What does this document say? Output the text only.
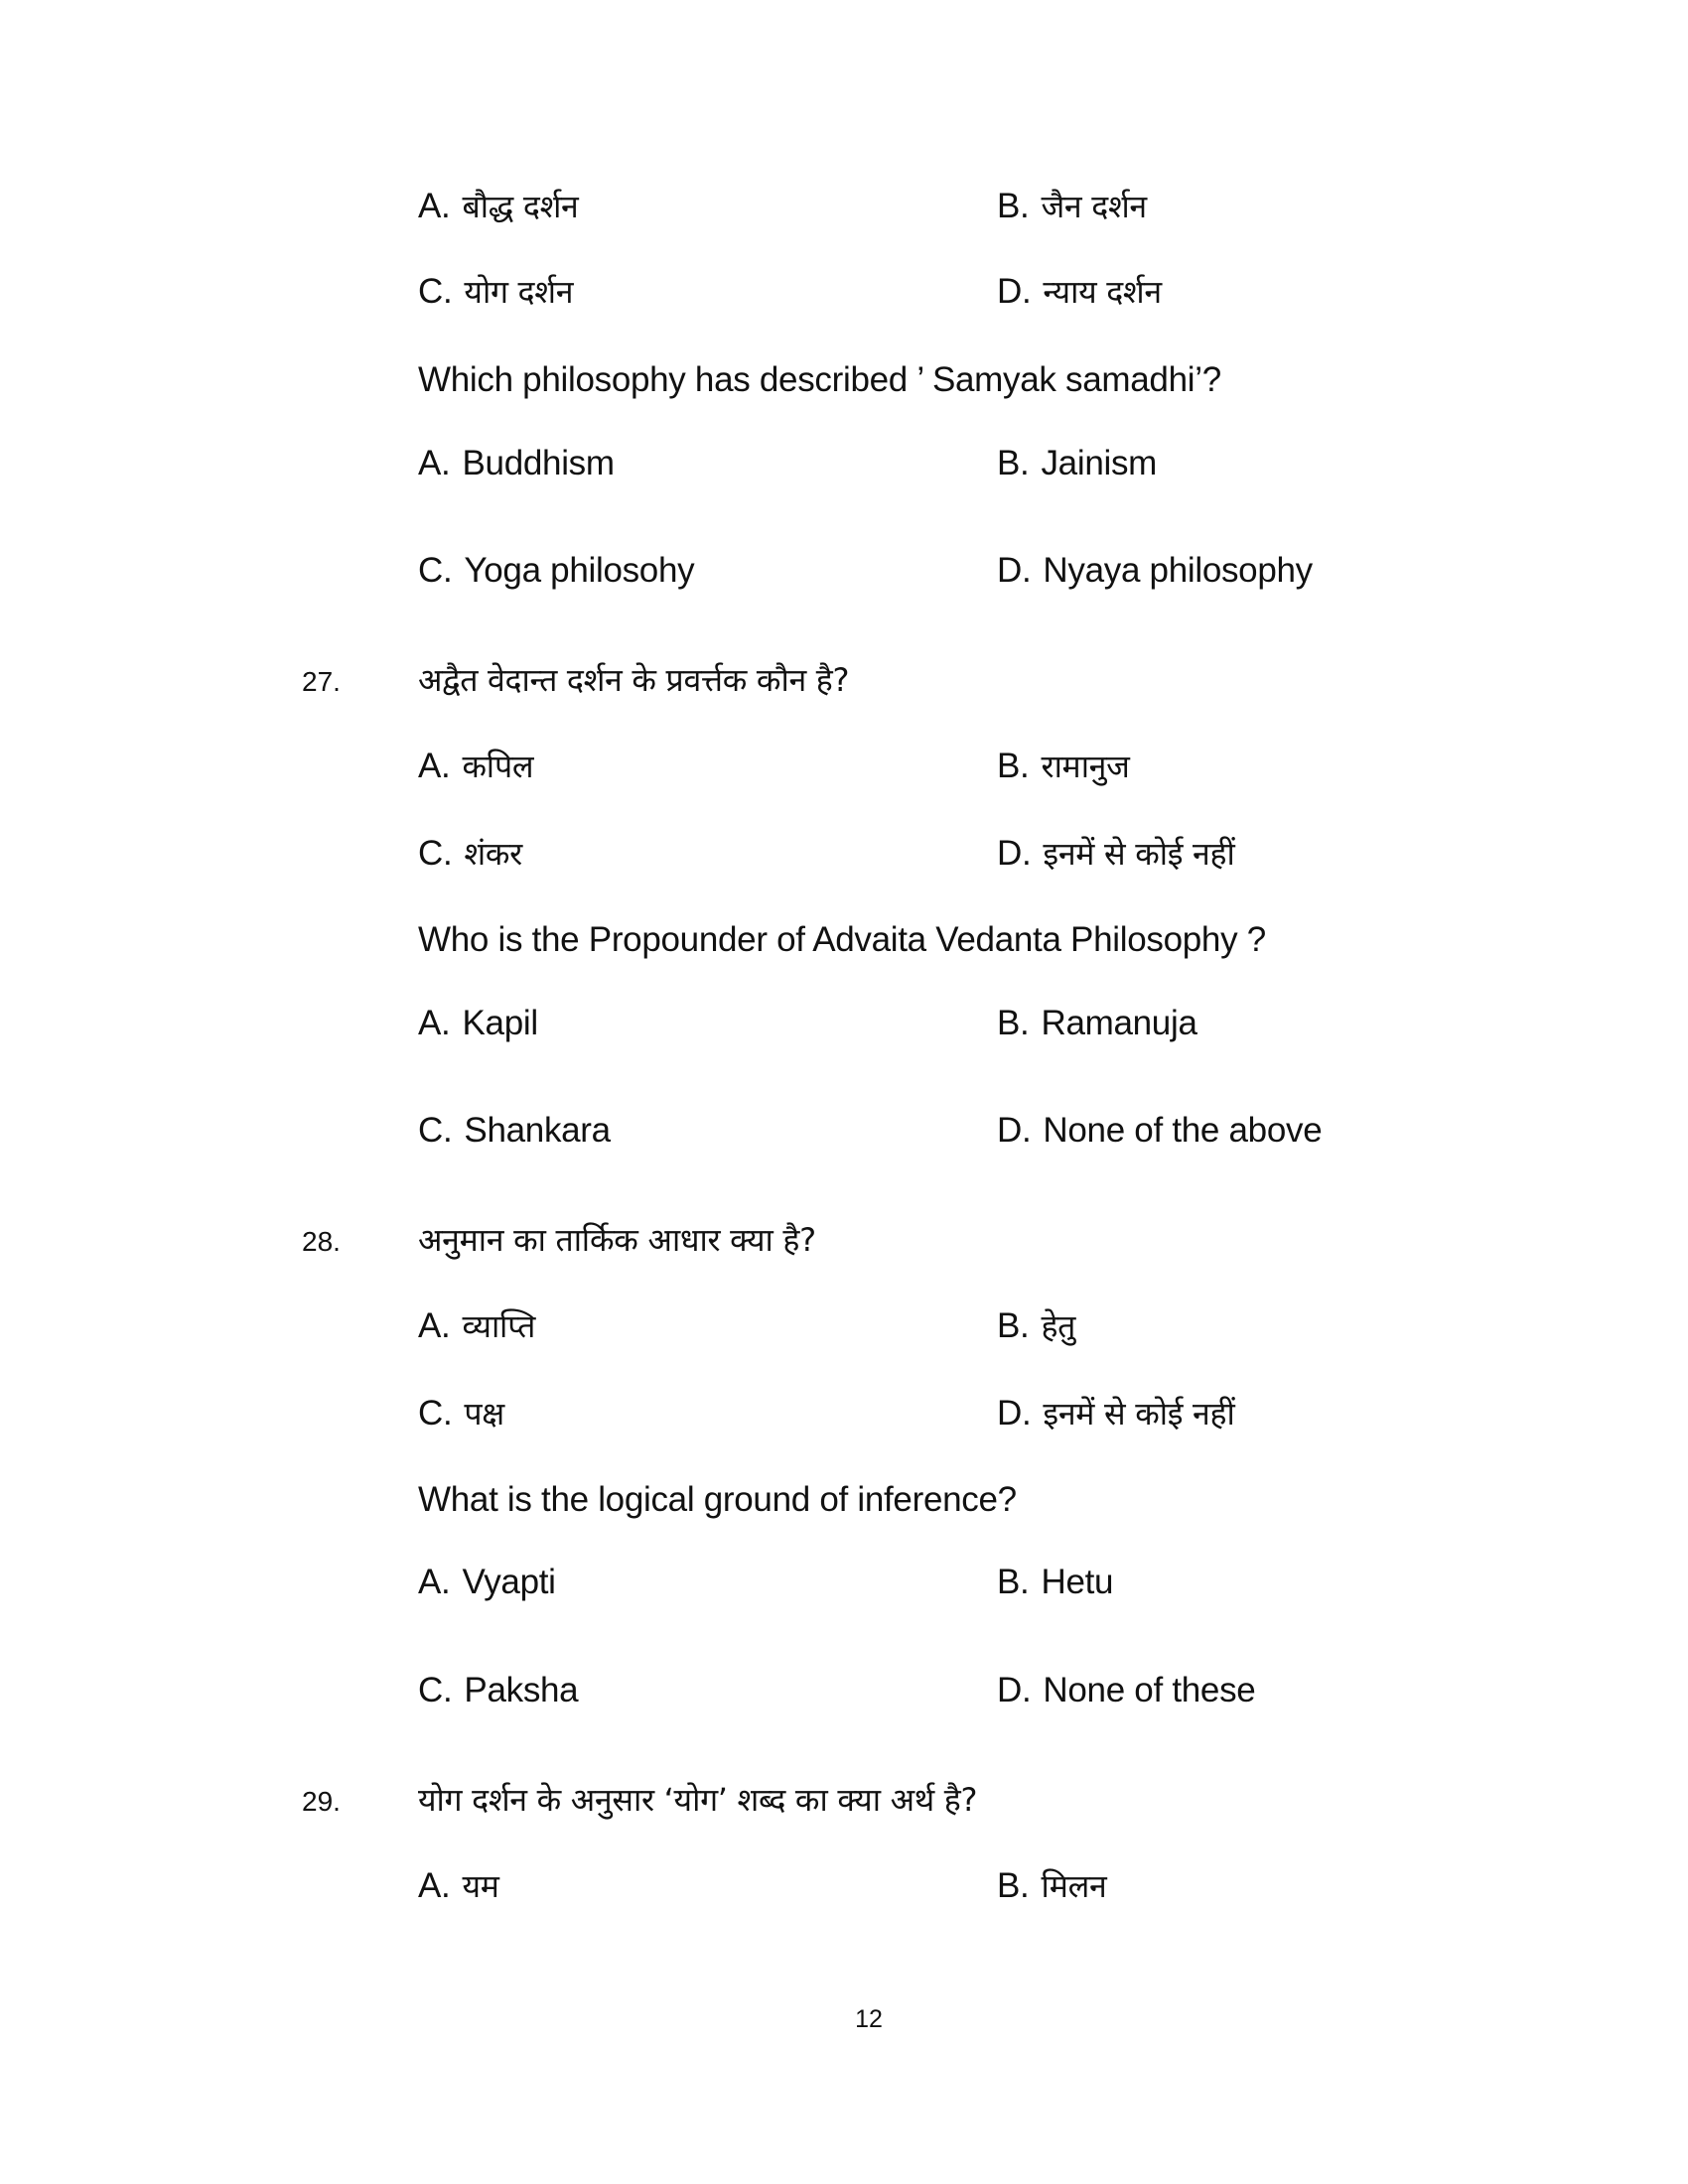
A. बौद्ध दर्शन	B. जैन दर्शन
C. योग दर्शन	D. न्याय दर्शन
Which philosophy has described ’ Samyak samadhi’?
A. Buddhism	B. Jainism
C. Yoga philosohy	D. Nyaya philosophy
27. अद्वैत वेदान्त दर्शन के प्रवर्त्तक कौन है?
A. कपिल	B. रामानुज
C. शंकर	D. इनमें से कोई नहीं
Who is the Propounder of Advaita Vedanta Philosophy ?
A. Kapil	B. Ramanuja
C. Shankara	D. None of the above
28. अनुमान का तार्किक आधार क्या है?
A. व्याप्ति	B. हेतु
C. पक्ष	D. इनमें से कोई नहीं
What is the logical ground of inference?
A. Vyapti	B. Hetu
C. Paksha	D. None of these
29. योग दर्शन के अनुसार ‘योग’ शब्द का क्या अर्थ है?
A. यम	B. मिलन
12
